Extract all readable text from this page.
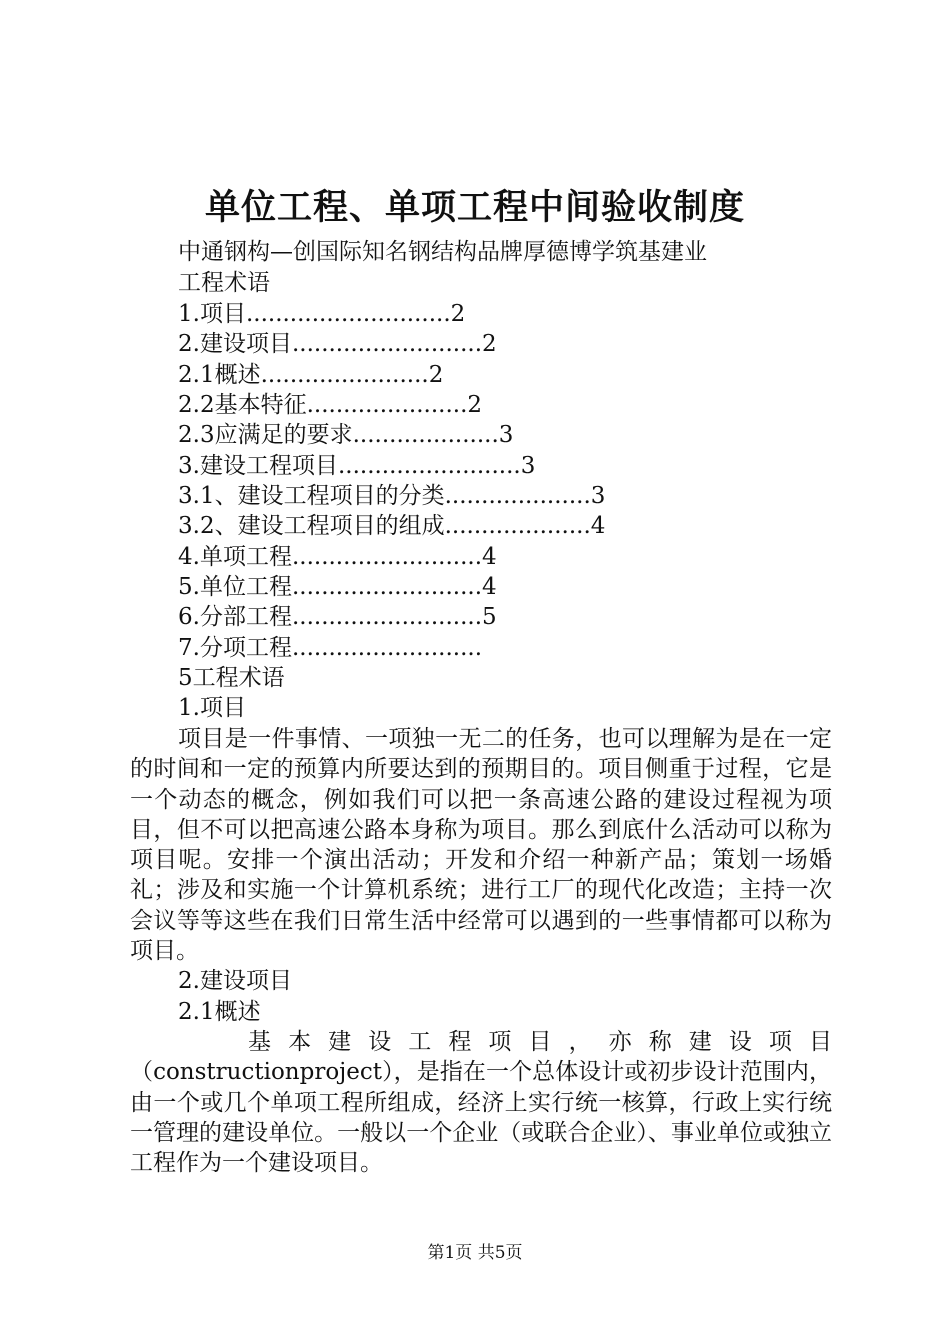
单位工程、单项工程中间验收制度
中通钢构—创国际知名钢结构品牌厚德博学筑基建业
工程术语
1.项目............................2
2.建设项目..........................2
2.1概述.......................2
2.2基本特征......................2
2.3应满足的要求....................3
3.建设工程项目.........................3
3.1、建设工程项目的分类....................3
3.2、建设工程项目的组成....................4
4.单项工程..........................4
5.单位工程..........................4
6.分部工程..........................5
7.分项工程..........................
5工程术语
1.项目

项目是一件事情、一项独一无二的任务，也可以理解为是在一定的时间和一定的预算内所要达到的预期目的。项目侧重于过程，它是一个动态的概念，例如我们可以把一条高速公路的建设过程视为项目，但不可以把高速公路本身称为项目。那么到底什么活动可以称为项目呢。安排一个演出活动；开发和介绍一种新产品；策划一场婚礼；涉及和实施一个计算机系统；进行工厂的现代化改造；主持一次会议等等这些在我们日常生活中经常可以遇到的一些事情都可以称为项目。

2.建设项目
2.1概述

基本建设工程项目，亦称建设项目（constructionproject），是指在一个总体设计或初步设计范围内，由一个或几个单项工程所组成，经济上实行统一核算，行政上实行统一管理的建设单位。一般以一个企业（或联合企业）、事业单位或独立工程作为一个建设项目。

第1页 共5页
